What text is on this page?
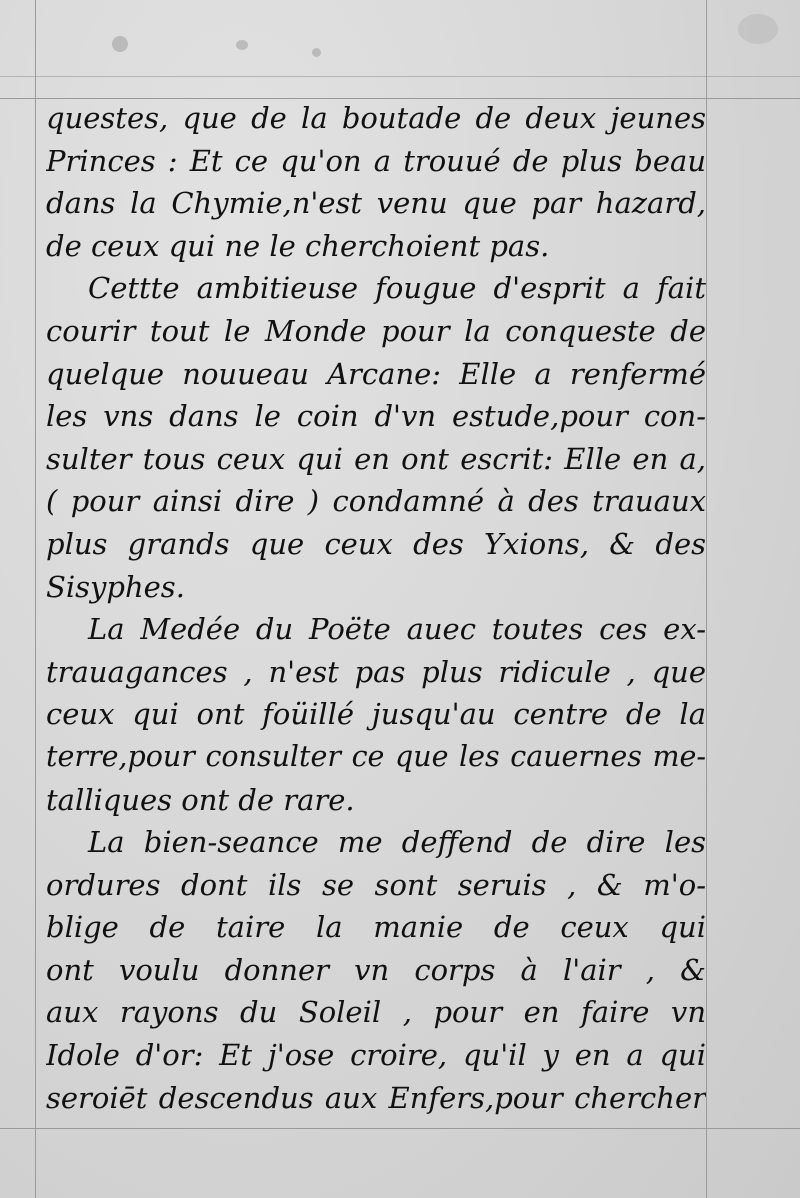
questes, que de la boutade de deux jeunes
Princes : Et ce qu'on a trouué de plus beau
dans la Chymie,n'est venu que par hazard,
de ceux qui ne le cherchoient pas.
Cettte ambitieuse fougue d'esprit a fait
courir tout le Monde pour la conqueste de
quelque nouueau Arcane: Elle a renfermé
les vns dans le coin d'vn estude,pour con-
sulter tous ceux qui en ont escrit: Elle en a,
( pour ainsi dire ) condamné à des trauaux
plus grands que ceux des Yxions, & des
Sisyphes.
La Medée du Poëte auec toutes ces ex-
trauagances , n'est pas plus ridicule , que
ceux qui ont foüillé jusqu'au centre de la
terre,pour consulter ce que les cauernes me-
talliques ont de rare.
La bien-seance me deffend de dire les
ordures dont ils se sont seruis , & m'o-
blige de taire la manie de ceux qui
ont voulu donner vn corps à l'air , &
aux rayons du Soleil , pour en faire vn
Idole d'or: Et j'ose croire, qu'il y en a qui
seroiēt descendus aux Enfers,pour chercher
